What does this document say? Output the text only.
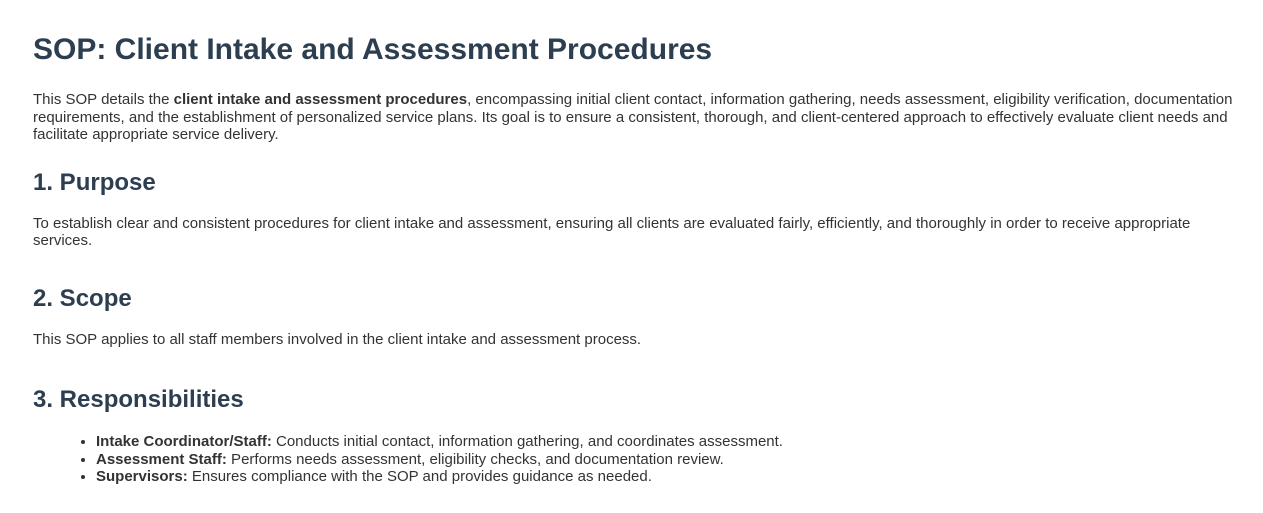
SOP: Client Intake and Assessment Procedures

This SOP details the client intake and assessment procedures, encompassing initial client contact, information gathering, needs assessment, eligibility verification, documentation requirements, and the establishment of personalized service plans. Its goal is to ensure a consistent, thorough, and client-centered approach to effectively evaluate client needs and facilitate appropriate service delivery.

1. Purpose

To establish clear and consistent procedures for client intake and assessment, ensuring all clients are evaluated fairly, efficiently, and thoroughly in order to receive appropriate services.

2. Scope

This SOP applies to all staff members involved in the client intake and assessment process.

3. Responsibilities
• Intake Coordinator/Staff: Conducts initial contact, information gathering, and coordinates assessment.
• Assessment Staff: Performs needs assessment, eligibility checks, and documentation review.
• Supervisors: Ensures compliance with the SOP and provides guidance as needed.
